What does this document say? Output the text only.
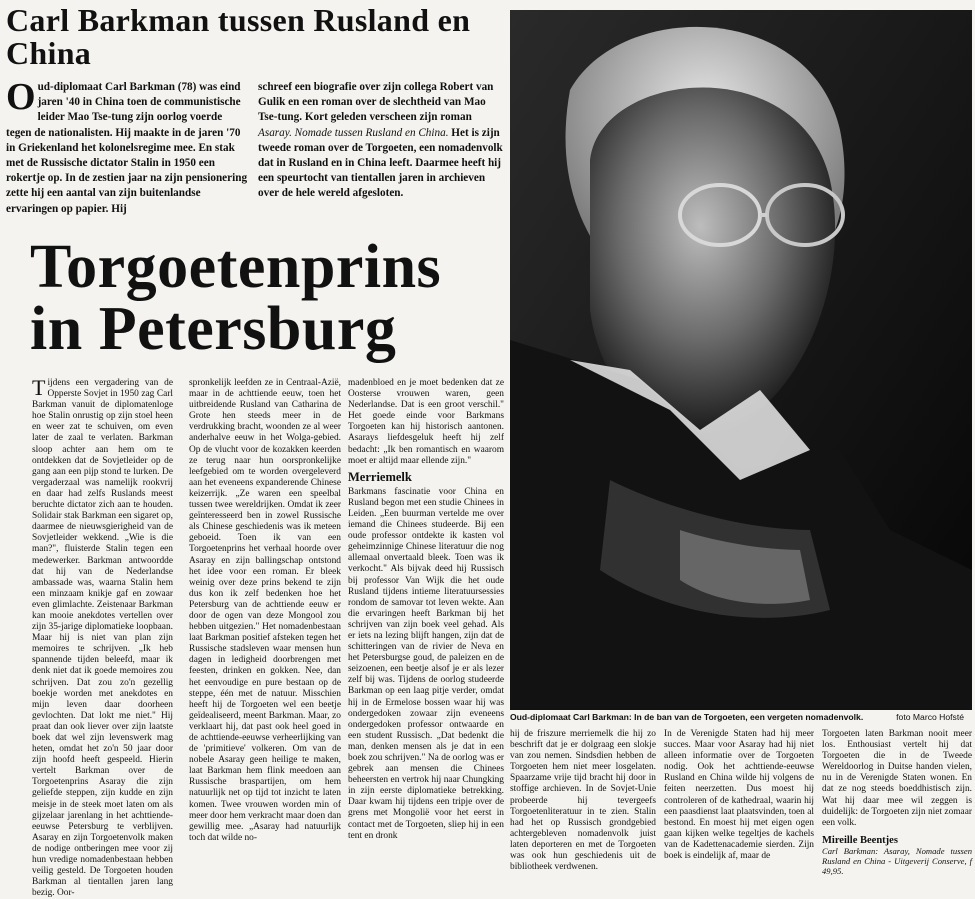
Carl Barkman tussen Rusland en China
Oud-diplomaat Carl Barkman (78) was eind jaren '40 in China toen de communistische leider Mao Tse-tung zijn oorlog voerde tegen de nationalisten. Hij maakte in de jaren '70 in Griekenland het kolonelsregime mee. En stak met de Russische dictator Stalin in 1950 een rokertje op. In de zestien jaar na zijn pensionering zette hij een aantal van zijn buitenlandse ervaringen op papier. Hij
schreef een biografie over zijn collega Robert van Gulik en een roman over de slechtheid van Mao Tse-tung. Kort geleden verscheen zijn roman Asaray. Nomade tussen Rusland en China. Het is zijn tweede roman over de Torgoeten, een nomadenvolk dat in Rusland en in China leeft. Daarmee heeft hij een speurtocht van tientallen jaren in archieven over de hele wereld afgesloten.
Torgoetenprins in Petersburg

Tijdens een vergadering van de Opperste Sovjet in 1950 zag Carl Barkman vanuit de diplomatenloge hoe Stalin onrustig op zijn stoel heen en weer zat te schuiven, om even later de zaal te verlaten. Barkman sloop achter aan hem om te ontdekken dat de Sovjetleider op de gang aan een pijp stond te lurken. De vergaderzaal was namelijk rookvrij en daar had zelfs Ruslands meest beruchte dictator zich aan te houden. Solidair stak Barkman een sigaret op, daarmee de nieuwsgierigheid van de Sovjetleider wekkend. „Wie is die man?", fluisterde Stalin tegen een medewerker. Barkman antwoordde dat hij van de Nederlandse ambassade was, waarna Stalin hem een minzaam knikje gaf en zowaar even glimlachte. Zeistenaar Barkman kan mooie anekdotes vertellen over zijn 35-jarige diplomatieke loopbaan. Maar hij is niet van plan zijn memoires te schrijven. „Ik heb spannende tijden beleefd, maar ik denk niet dat ik goede memoires zou schrijven. Dat zou zo'n gezellig boekje worden met anekdotes en mijn leven daar doorheen gevlochten. Dat lokt me niet." Hij praat dan ook liever over zijn laatste boek dat wel zijn levenswerk mag heten, omdat het zo'n 50 jaar door zijn hoofd heeft gespeeld. Hierin vertelt Barkman over de Torgoetenprins Asaray die zijn geliefde steppen, zijn kudde en zijn meisje in de steek moet laten om als gijzelaar jarenlang in het achttiende-eeuwse Petersburg te verblijven. Asaray en zijn Torgoetenvolk maken de nodige ontberingen mee voor zij hun vredige nomadenbestaan hebben veilig gesteld. De Torgoeten houden Barkman al tientallen jaren lang bezig. Oor-

spronkelijk leefden ze in Centraal-Azië, maar in de achttiende eeuw, toen het uitbreidende Rusland van Catharina de Grote hen steeds meer in de verdrukking bracht, woonden ze al weer anderhalve eeuw in het Wolga-gebied. Op de vlucht voor de kozakken keerden ze terug naar hun oorspronkelijke leefgebied om te worden overgeleverd aan het eveneens expanderende Chinese keizerrijk. „Ze waren een speelbal tussen twee wereldrijken. Omdat ik zeer geïnteresseerd ben in zowel Russische als Chinese geschiedenis was ik meteen geboeid. Toen ik van een Torgoetenprins het verhaal hoorde over Asaray en zijn ballingschap ontstond het idee voor een roman. Er bleek weinig over deze prins bekend te zijn dus kon ik zelf bedenken hoe het Petersburg van de achttiende eeuw er door de ogen van deze Mongool zou hebben uitgezien." Het nomadenbestaan laat Barkman positief afsteken tegen het Russische stadsleven waar mensen hun dagen in ledigheid doorbrengen met feesten, drinken en gokken. Nee, dan het eenvoudige en pure bestaan op de steppe, één met de natuur. Misschien heeft hij de Torgoeten wel een beetje geïdealiseerd, meent Barkman. Maar, zo verklaart hij, dat past ook heel goed in de achttiende-eeuwse verheerlijking van de 'primitieve' volkeren. Om van de nobele Asaray geen heilige te maken, laat Barkman hem flink meedoen aan Russische braspartijen, om hem natuurlijk net op tijd tot inzicht te laten komen. Twee vrouwen worden min of meer door hem verkracht maar doen dan gewillig mee. „Asaray had natuurlijk toch dat wilde no-

madenbloed en je moet bedenken dat ze Oosterse vrouwen waren, geen Nederlandse. Dat is een groot verschil." Het goede einde voor Barkmans Torgoeten kan hij historisch aantonen. Asarays liefdesgeluk heeft hij zelf bedacht: „Ik ben romantisch en waarom moet er altijd maar ellende zijn."

Merriemelk

Barkmans fascinatie voor China en Rusland begon met een studie Chinees in Leiden. „Een buurman vertelde me over iemand die Chinees studeerde. Bij een oude professor ontdekte ik kasten vol geheimzinnige Chinese literatuur die nog allemaal onvertaald bleek. Toen was ik verkocht." Als bijvak deed hij Russisch bij professor Van Wijk die het oude Rusland tijdens intieme literatuursessies rondom de samovar tot leven wekte. Aan die ervaringen heeft Barkman bij het schrijven van zijn boek veel gehad. Als er iets na lezing blijft hangen, zijn dat de schitteringen van de rivier de Neva en het Petersburgse goud, de paleizen en de seizoenen, een beetje alsof je er als lezer zelf bij was. Tijdens de oorlog studeerde Barkman op een laag pitje verder, omdat hij in de Ermelose bossen waar hij was ondergedoken zowaar zijn eveneens ondergedoken professor ontwaarde en een student Russisch. „Dat bedenkt die man, denken mensen als je dat in een boek zou schrijven." Na de oorlog was er gebrek aan mensen die Chinees beheersten en vertrok hij naar Chungking in zijn eerste diplomatieke betrekking. Daar kwam hij tijdens een tripje over de grens met Mongolië voor het eerst in contact met de Torgoeten, sliep hij in een tent en dronk

Oud-diplomaat Carl Barkman: In de ban van de Torgoeten, een vergeten nomadenvolk.	foto Marco Hofsté

hij de friszure merriemelk die hij zo beschrift dat je er dolgraag een slokje van zou nemen. Sindsdien hebben de Torgoeten hem niet meer losgelaten. Spaarzame vrije tijd bracht hij door in stoffige archieven. In de Sovjet-Unie probeerde hij tevergeefs Torgoetenliteratuur in te zien. Stalin had het op Russisch grondgebied achtergebleven nomadenvolk juist laten deporteren en met de Torgoeten was ook hun geschiedenis uit de bibliotheek verdwenen.

In de Verenigde Staten had hij meer succes. Maar voor Asaray had hij niet alleen informatie over de Torgoeten nodig. Ook het achttiende-eeuwse Rusland en China wilde hij volgens de feiten neerzetten. Dus moest hij controleren of de kathedraal, waarin hij een paasdienst laat plaatsvinden, toen al bestond. En moest hij met eigen ogen gaan kijken welke tegeltjes de kachels van de Kadettenacademie sierden. Zijn boek is eindelijk af, maar de

Torgoeten laten Barkman nooit meer los. Enthousiast vertelt hij dat Torgoeten die in de Tweede Wereldoorlog in Duitse handen vielen, nu in de Verenigde Staten wonen. En dat ze nog steeds boeddhistisch zijn. Wat hij daar mee wil zeggen is duidelijk: de Torgoeten zijn niet zomaar een volk.

Mireille Beentjes
Carl Barkman: Asaray, Nomade tussen Rusland en China - Uitgeverij Conserve, f 49,95.
